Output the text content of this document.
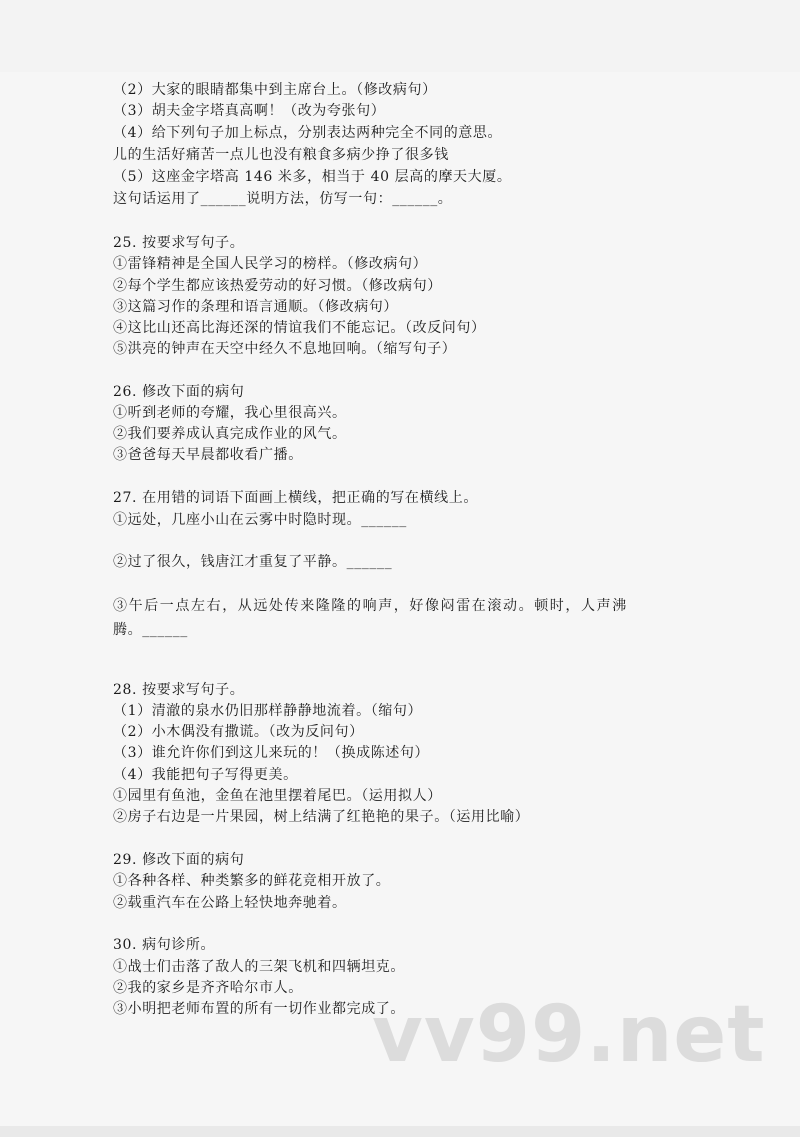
（2）大家的眼睛都集中到主席台上。（修改病句）
（3）胡夫金字塔真高啊！（改为夸张句）
（4）给下列句子加上标点，分别表达两种完全不同的意思。
儿的生活好痛苦一点儿也没有粮食多病少挣了很多钱
（5）这座金字塔高 146 米多，相当于 40 层高的摩天大厦。
这句话运用了______说明方法，仿写一句：______。
25. 按要求写句子。
①雷锋精神是全国人民学习的榜样。（修改病句）
②每个学生都应该热爱劳动的好习惯。（修改病句）
③这篇习作的条理和语言通顺。（修改病句）
④这比山还高比海还深的情谊我们不能忘记。（改反问句）
⑤洪亮的钟声在天空中经久不息地回响。（缩写句子）
26. 修改下面的病句
①听到老师的夸耀，我心里很高兴。
②我们要养成认真完成作业的风气。
③爸爸每天早晨都收看广播。
27. 在用错的词语下面画上横线，把正确的写在横线上。
①远处，几座小山在云雾中时隐时现。______
②过了很久，钱唐江才重复了平静。______
③午后一点左右，从远处传来隆隆的响声，好像闷雷在滚动。顿时，人声沸
腾。______
28. 按要求写句子。
（1）清澈的泉水仍旧那样静静地流着。（缩句）
（2）小木偶没有撒谎。（改为反问句）
（3）谁允许你们到这儿来玩的！（换成陈述句）
（4）我能把句子写得更美。
①园里有鱼池，金鱼在池里摆着尾巴。（运用拟人）
②房子右边是一片果园，树上结满了红艳艳的果子。（运用比喻）
29. 修改下面的病句
①各种各样、种类繁多的鲜花竞相开放了。
②载重汽车在公路上轻快地奔驰着。
30. 病句诊所。
①战士们击落了敌人的三架飞机和四辆坦克。
②我的家乡是齐齐哈尔市人。
③小明把老师布置的所有一切作业都完成了。
vv99.net
